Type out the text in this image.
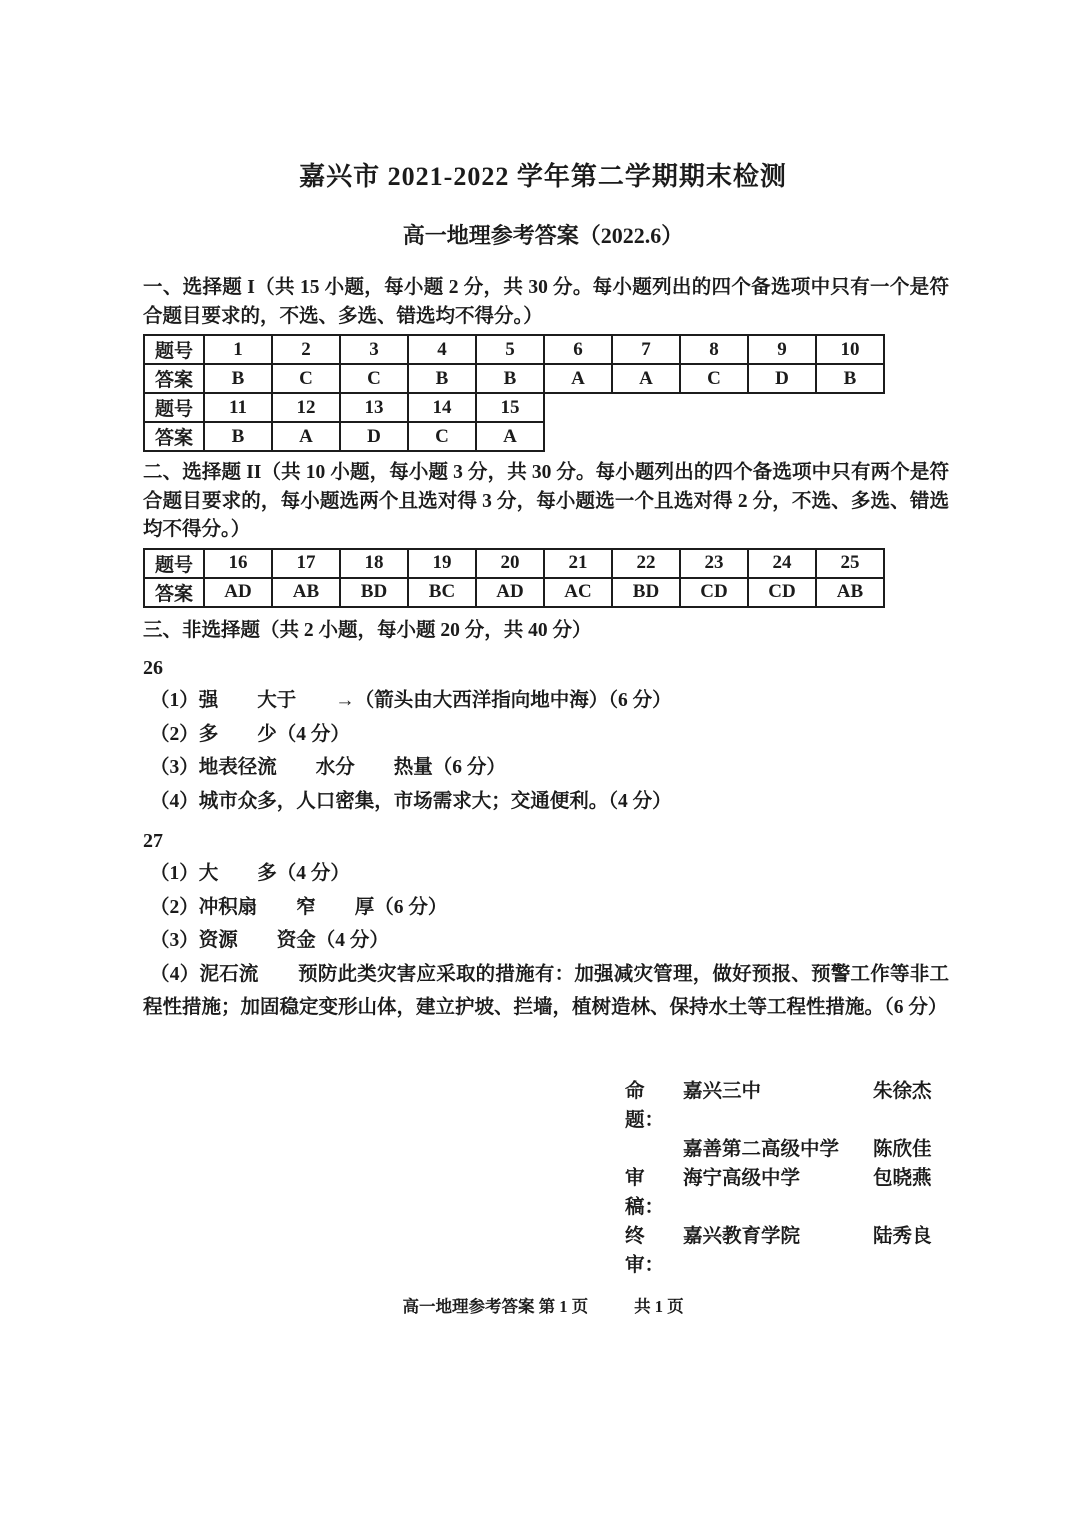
嘉兴市 2021-2022 学年第二学期期末检测
高一地理参考答案（2022.6）

一、选择题 I（共 15 小题，每小题 2 分，共 30 分。每小题列出的四个备选项中只有一个是符合题目要求的，不选、多选、错选均不得分。）

题号	1	2	3	4	5	6	7	8	9	10
答案	B	C	C	B	B	A	A	C	D	B
题号	11	12	13	14	15
答案	B	A	D	C	A

二、选择题 II（共 10 小题，每小题 3 分，共 30 分。每小题列出的四个备选项中只有两个是符合题目要求的，每小题选两个且选对得 3 分，每小题选一个且选对得 2 分，不选、多选、错选均不得分。）

题号	16	17	18	19	20	21	22	23	24	25
答案	AD	AB	BD	BC	AD	AC	BD	CD	CD	AB

三、非选择题（共 2 小题，每小题 20 分，共 40 分）

26

（1）强　　大于　　→（箭头由大西洋指向地中海）（6 分）

（2）多　　少（4 分）

（3）地表径流　　水分　　热量（6 分）

（4）城市众多，人口密集，市场需求大；交通便利。（4 分）

27

（1）大　　多（4 分）

（2）冲积扇　　窄　　厚（6 分）

（3）资源　　资金（4 分）

（4）泥石流　　预防此类灾害应采取的措施有：加强减灾管理，做好预报、预警工作等非工程性措施；加固稳定变形山体，建立护坡、拦墙，植树造林、保持水土等工程性措施。（6 分）

命题：
嘉兴三中	朱徐杰
嘉善第二高级中学	陈欣佳
审稿：
海宁高级中学	包晓燕
终审：
嘉兴教育学院	陆秀良
高一地理参考答案 第 1 页	共 1 页
